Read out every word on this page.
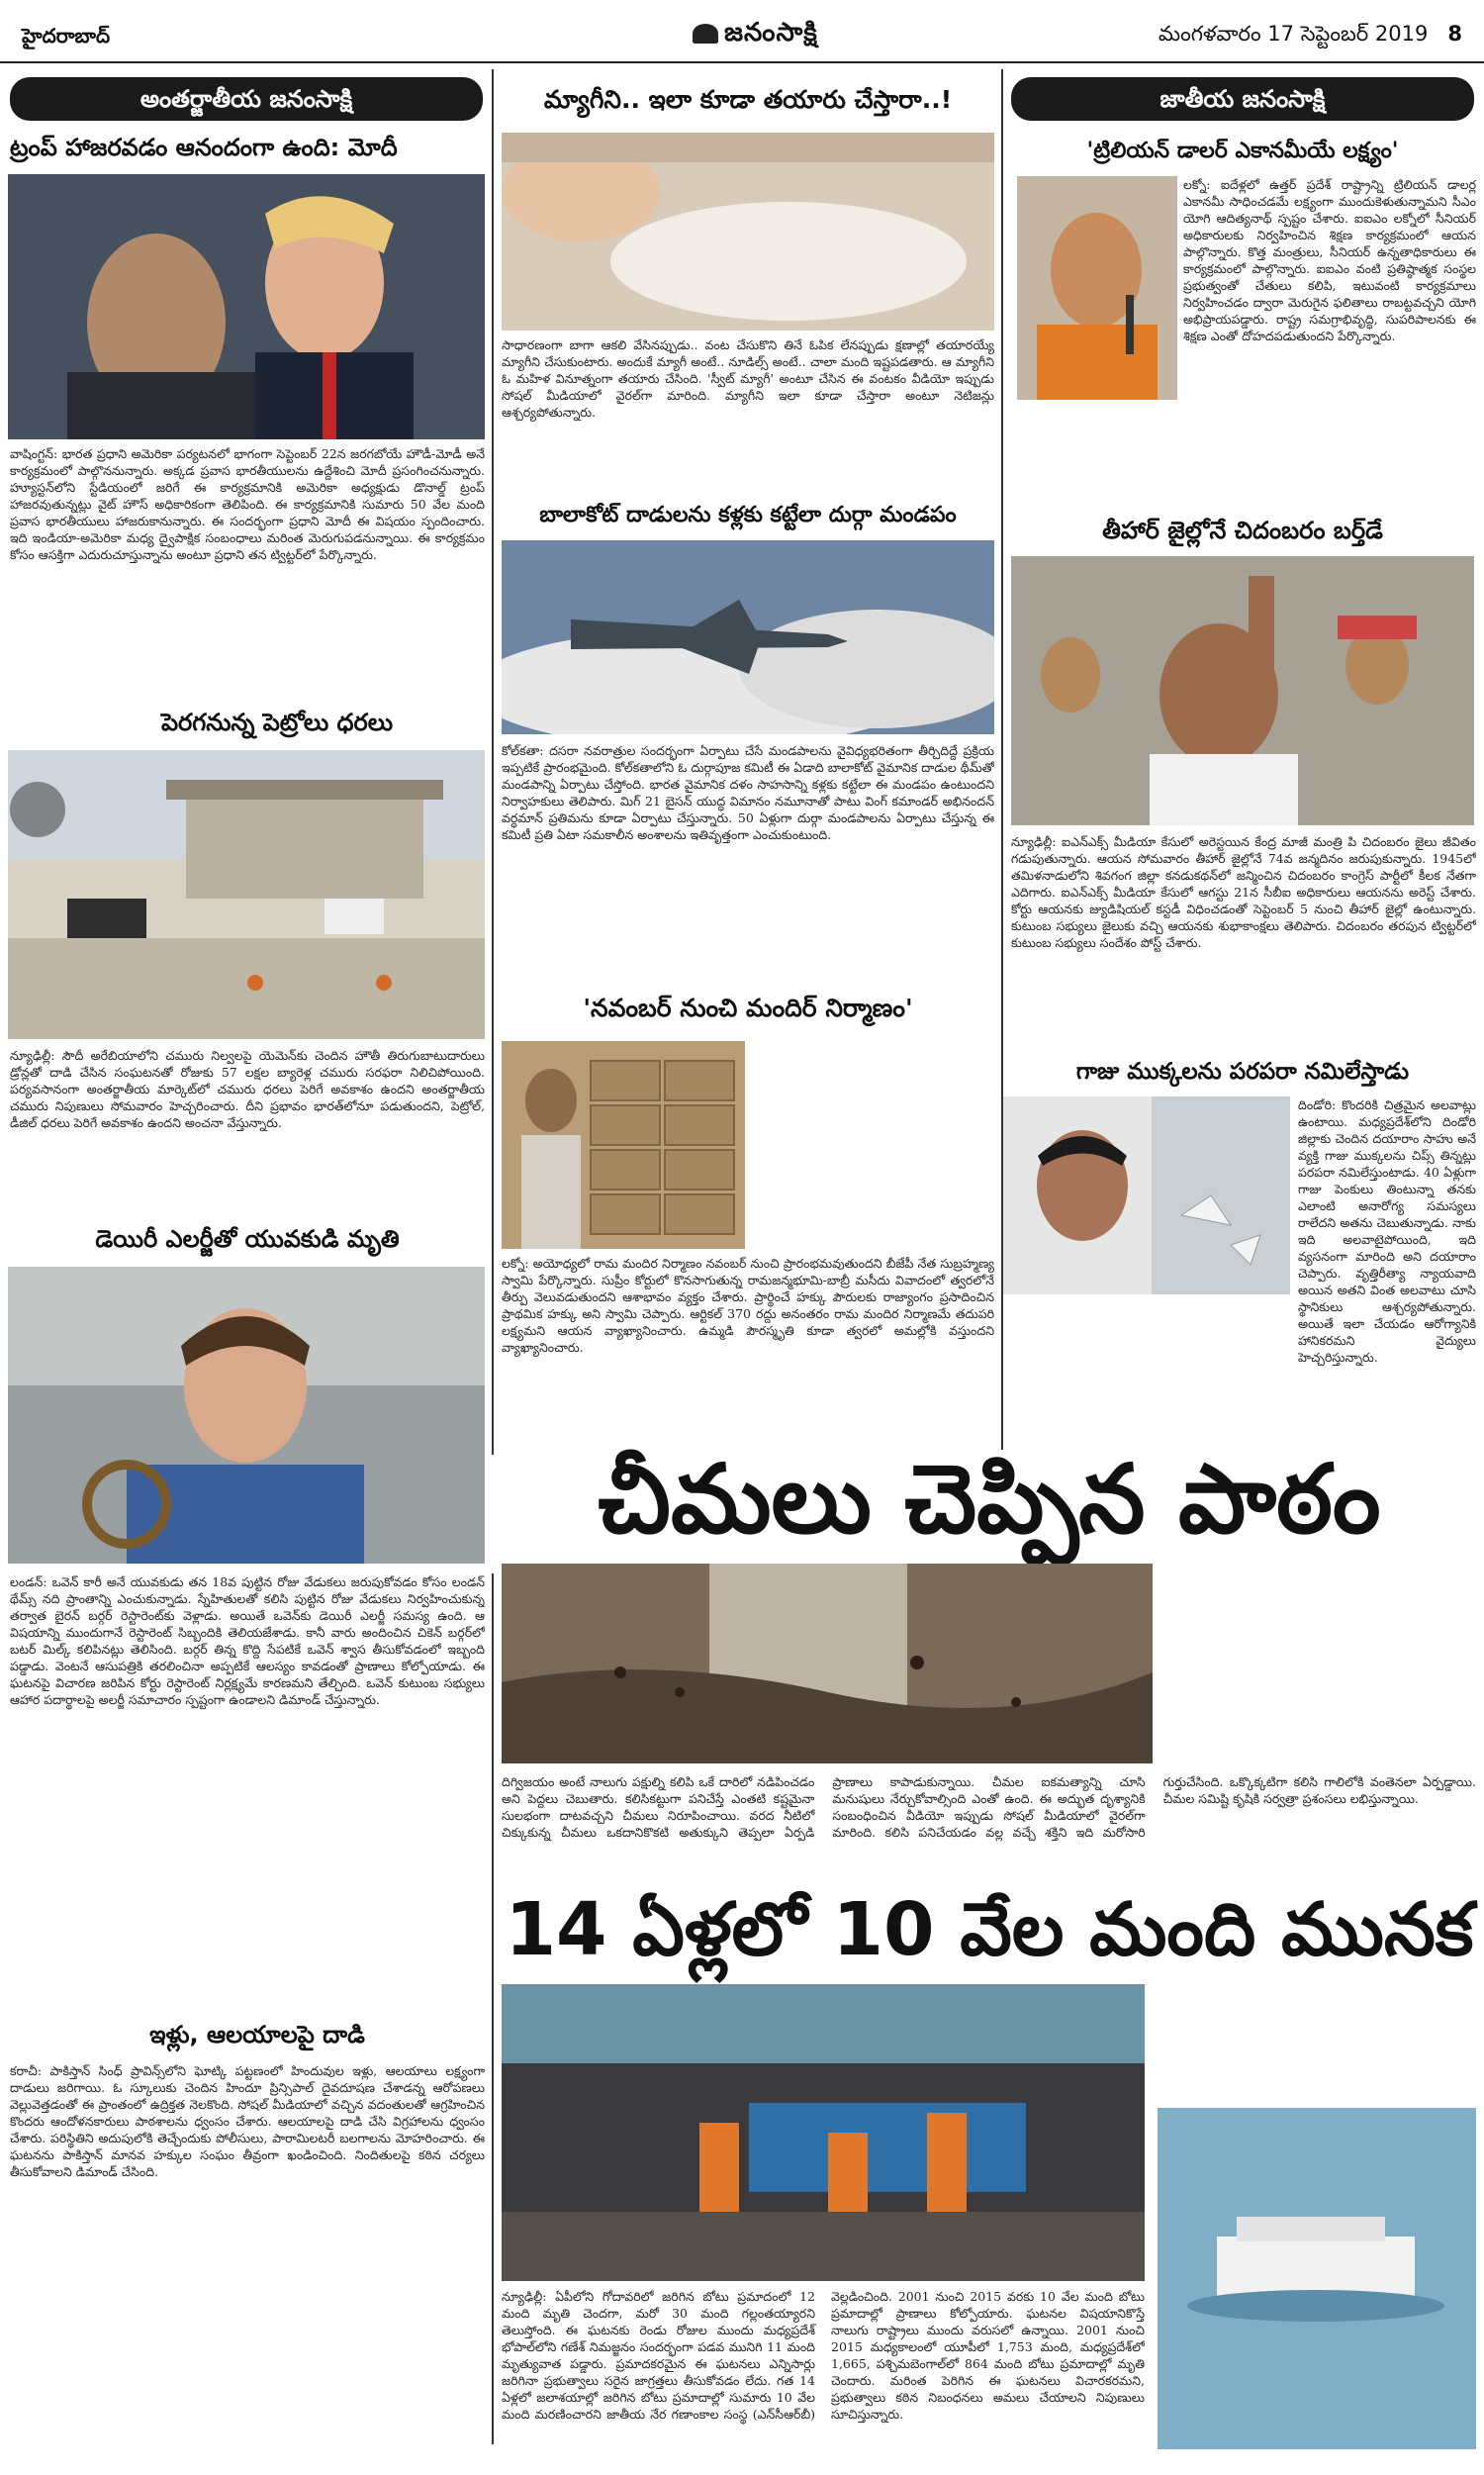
హైదరాబాద్	జనంసాక్షి	మంగళవారం 17 సెప్టెంబర్ 2019 8
అంతర్జాతీయ జనంసాక్షి
ట్రంప్ హాజరవడం ఆనందంగా ఉంది: మోదీ
వాషింగ్టన్: భారత ప్రధాని అమెరికా పర్యటనలో భాగంగా సెప్టెంబర్ 22న జరగబోయే హౌడీ-మోడీ అనే కార్యక్రమంలో పాల్గొననున్నారు. అక్కడ ప్రవాస భారతీయులను ఉద్దేశించి మోదీ ప్రసంగించనున్నారు. హ్యూస్టన్‌లోని స్టేడియంలో జరిగే ఈ కార్యక్రమానికి అమెరికా అధ్యక్షుడు డొనాల్డ్ ట్రంప్ హాజరవుతున్నట్లు వైట్ హౌస్ అధికారికంగా తెలిపింది. ఈ కార్యక్రమానికి సుమారు 50 వేల మంది ప్రవాస భారతీయులు హాజరుకానున్నారు. ఈ సందర్భంగా ప్రధాని మోదీ ఈ విషయం స్పందించారు. ఇది ఇండియా-అమెరికా మధ్య ద్వైపాక్షిక సంబంధాలు మరింత మెరుగుపడనున్నాయి. ఈ కార్యక్రమం కోసం ఆసక్తిగా ఎదురుచూస్తున్నాను అంటూ ప్రధాని తన ట్విట్టర్‌లో పేర్కొన్నారు.
పెరగనున్న పెట్రోలు ధరలు
న్యూఢిల్లీ: సౌదీ అరేబియాలోని చమురు నిల్వలపై యెమెన్‌కు చెందిన హౌతీ తిరుగుబాటుదారులు డ్రోన్లతో దాడి చేసిన సంఘటనతో రోజుకు 57 లక్షల బ్యారెళ్ల చమురు సరఫరా నిలిచిపోయింది. పర్యవసానంగా అంతర్జాతీయ మార్కెట్‌లో చమురు ధరలు పెరిగే అవకాశం ఉందని అంతర్జాతీయ చమురు నిపుణులు సోమవారం హెచ్చరించారు. దీని ప్రభావం భారత్‌లోనూ పడుతుందని, పెట్రోల్, డీజిల్ ధరలు పెరిగే అవకాశం ఉందని అంచనా వేస్తున్నారు.
డెయిరీ ఎలర్జీతో యువకుడి మృతి
లండన్: ఒవెన్ కారీ అనే యువకుడు తన 18వ పుట్టిన రోజు వేడుకలు జరుపుకోవడం కోసం లండన్ థేమ్స్ నది ప్రాంతాన్ని ఎంచుకున్నాడు. స్నేహితులతో కలిసి పుట్టిన రోజు వేడుకలు నిర్వహించుకున్న తర్వాత బైరన్ బర్గర్ రెస్టారెంట్‌కు వెళ్లాడు. అయితే ఒవెన్‌కు డెయిరీ ఎలర్జీ సమస్య ఉంది. ఆ విషయాన్ని ముందుగానే రెస్టారెంట్ సిబ్బందికి తెలియజేశాడు. కానీ వారు అందించిన చికెన్ బర్గర్‌లో బటర్ మిల్క్ కలిపినట్లు తెలిసింది. బర్గర్ తిన్న కొద్ది సేపటికే ఒవెన్ శ్వాస తీసుకోవడంలో ఇబ్బంది పడ్డాడు. వెంటనే ఆసుపత్రికి తరలించినా అప్పటికే ఆలస్యం కావడంతో ప్రాణాలు కోల్పోయాడు. ఈ ఘటనపై విచారణ జరిపిన కోర్టు రెస్టారెంట్ నిర్లక్ష్యమే కారణమని తేల్చింది. ఒవెన్ కుటుంబ సభ్యులు ఆహార పదార్థాలపై అలర్జీ సమాచారం స్పష్టంగా ఉండాలని డిమాండ్ చేస్తున్నారు.
ఇళ్లు, ఆలయాలపై దాడి
కరాచీ: పాకిస్తాన్ సింధ్ ప్రావిన్స్‌లోని ఘోట్కి పట్టణంలో హిందువుల ఇళ్లు, ఆలయాలు లక్ష్యంగా దాడులు జరిగాయి. ఓ స్కూలుకు చెందిన హిందూ ప్రిన్సిపాల్ దైవదూషణ చేశాడన్న ఆరోపణలు వెల్లువెత్తడంతో ఈ ప్రాంతంలో ఉద్రిక్తత నెలకొంది. సోషల్ మీడియాలో వచ్చిన వదంతులతో ఆగ్రహించిన కొందరు ఆందోళనకారులు పాఠశాలను ధ్వంసం చేశారు. ఆలయాలపై దాడి చేసి విగ్రహాలను ధ్వంసం చేశారు. పరిస్థితిని అదుపులోకి తెచ్చేందుకు పోలీసులు, పారామిలటరీ బలగాలను మోహరించారు. ఈ ఘటనను పాకిస్తాన్ మానవ హక్కుల సంఘం తీవ్రంగా ఖండించింది. నిందితులపై కఠిన చర్యలు తీసుకోవాలని డిమాండ్ చేసింది.
మ్యాగీని.. ఇలా కూడా తయారు చేస్తారా..!
సాధారణంగా బాగా ఆకలి వేసినప్పుడు.. వంట చేసుకొని తినే ఓపిక లేనప్పుడు క్షణాల్లో తయారయ్యే మ్యాగీని చేసుకుంటారు. అందుకే మ్యాగీ అంటే.. నూడిల్స్ అంటే.. చాలా మంది ఇష్టపడతారు. ఆ మ్యాగీని ఓ మహిళ వినూత్నంగా తయారు చేసింది. 'స్వీట్ మ్యాగీ' అంటూ చేసిన ఈ వంటకం వీడియో ఇప్పుడు సోషల్ మీడియాలో వైరల్‌గా మారింది. మ్యాగీని ఇలా కూడా చేస్తారా అంటూ నెటిజన్లు ఆశ్చర్యపోతున్నారు.
బాలాకోట్ దాడులను కళ్లకు కట్టేలా దుర్గా మండపం
కోల్‌కతా: దసరా నవరాత్రుల సందర్భంగా ఏర్పాటు చేసే మండపాలను వైవిధ్యభరితంగా తీర్చిదిద్దే ప్రక్రియ ఇప్పటికే ప్రారంభమైంది. కోల్‌కతాలోని ఓ దుర్గాపూజ కమిటీ ఈ ఏడాది బాలాకోట్ వైమానిక దాడుల థీమ్‌తో మండపాన్ని ఏర్పాటు చేస్తోంది. భారత వైమానిక దళం సాహసాన్ని కళ్లకు కట్టేలా ఈ మండపం ఉంటుందని నిర్వాహకులు తెలిపారు. మిగ్ 21 బైసన్ యుద్ధ విమానం నమూనాతో పాటు వింగ్ కమాండర్ అభినందన్ వర్ధమాన్ ప్రతిమను కూడా ఏర్పాటు చేస్తున్నారు. 50 ఏళ్లుగా దుర్గా మండపాలను ఏర్పాటు చేస్తున్న ఈ కమిటీ ప్రతి ఏటా సమకాలీన అంశాలను ఇతివృత్తంగా ఎంచుకుంటుంది.
'నవంబర్ నుంచి మందిర్ నిర్మాణం'
లక్నో: అయోధ్యలో రామ మందిర నిర్మాణం నవంబర్ నుంచి ప్రారంభమవుతుందని బీజేపీ నేత సుబ్రహ్మణ్య స్వామి పేర్కొన్నారు. సుప్రీం కోర్టులో కొనసాగుతున్న రామజన్మభూమి-బాబ్రీ మసీదు వివాదంలో త్వరలోనే తీర్పు వెలువడుతుందని ఆశాభావం వ్యక్తం చేశారు. ప్రార్థించే హక్కు పౌరులకు రాజ్యాంగం ప్రసాదించిన ప్రాథమిక హక్కు అని స్వామి చెప్పారు. ఆర్టికల్ 370 రద్దు అనంతరం రామ మందిర నిర్మాణమే తదుపరి లక్ష్యమని ఆయన వ్యాఖ్యానించారు. ఉమ్మడి పౌరస్మృతి కూడా త్వరలో అమల్లోకి వస్తుందని వ్యాఖ్యానించారు.
చీమలు చెప్పిన పాఠం
దిగ్విజయం అంటే నాలుగు పక్షుల్ని కలిపి ఒకే దారిలో నడిపించడం అని పెద్దలు చెబుతారు. కలిసికట్టుగా పనిచేస్తే ఎంతటి కష్టమైనా సులభంగా దాటవచ్చని చీమలు నిరూపించాయి. వరద నీటిలో చిక్కుకున్న చీమలు ఒకదానికొకటి అతుక్కుని తెప్పలా ఏర్పడి ప్రాణాలు కాపాడుకున్నాయి. చీమల ఐకమత్యాన్ని చూసి మనుషులు నేర్చుకోవాల్సింది ఎంతో ఉంది. ఈ అద్భుత దృశ్యానికి సంబంధించిన వీడియో ఇప్పుడు సోషల్ మీడియాలో వైరల్‌గా మారింది. కలిసి పనిచేయడం వల్ల వచ్చే శక్తిని ఇది మరోసారి గుర్తుచేసింది. ఒక్కొక్కటిగా కలిసి గాలిలోకి వంతెనలా ఏర్పడ్డాయి. చీమల సమిష్టి కృషికి సర్వత్రా ప్రశంసలు లభిస్తున్నాయి.
14 ఏళ్లలో 10 వేల మంది మునక
న్యూఢిల్లీ: ఏపీలోని గోదావరిలో జరిగిన బోటు ప్రమాదంలో 12 మంది మృతి చెందగా, మరో 30 మంది గల్లంతయ్యారని తెలుస్తోంది. ఈ ఘటనకు రెండు రోజుల ముందు మధ్యప్రదేశ్ భోపాల్‌లోని గణేశ్ నిమజ్జనం సందర్భంగా పడవ మునిగి 11 మంది మృత్యువాత పడ్డారు. ప్రమాదకరమైన ఈ ఘటనలు ఎన్నిసార్లు జరిగినా ప్రభుత్వాలు సరైన జాగ్రత్తలు తీసుకోవడం లేదు. గత 14 ఏళ్లలో జలాశయాల్లో జరిగిన బోటు ప్రమాదాల్లో సుమారు 10 వేల మంది మరణించారని జాతీయ నేర గణాంకాల సంస్థ (ఎన్‌సీఆర్‌బీ) వెల్లడించింది. 2001 నుంచి 2015 వరకు 10 వేల మంది బోటు ప్రమాదాల్లో ప్రాణాలు కోల్పోయారు. ఘటనల విషయానికొస్తే నాలుగు రాష్ట్రాలు ముందు వరుసలో ఉన్నాయి. 2001 నుంచి 2015 మధ్యకాలంలో యూపీలో 1,753 మంది, మధ్యప్రదేశ్‌లో 1,665, పశ్చిమబెంగాల్‌లో 864 మంది బోటు ప్రమాదాల్లో మృతి చెందారు. మరింత పెరిగిన ఈ ఘటనలు విచారకరమని, ప్రభుత్వాలు కఠిన నిబంధనలు అమలు చేయాలని నిపుణులు సూచిస్తున్నారు.
జాతీయ జనంసాక్షి
'ట్రిలియన్ డాలర్ ఎకానమీయే లక్ష్యం'
లక్నో: ఐదేళ్లలో ఉత్తర్ ప్రదేశ్ రాష్ట్రాన్ని ట్రిలియన్ డాలర్ల ఎకానమీ సాధించడమే లక్ష్యంగా ముందుకెళుతున్నామని సీఎం యోగి ఆదిత్యనాథ్ స్పష్టం చేశారు. ఐఐఎం లక్నోలో సీనియర్ అధికారులకు నిర్వహించిన శిక్షణ కార్యక్రమంలో ఆయన పాల్గొన్నారు. కొత్త మంత్రులు, సీనియర్ ఉన్నతాధికారులు ఈ కార్యక్రమంలో పాల్గొన్నారు. ఐఐఎం వంటి ప్రతిష్ఠాత్మక సంస్థల ప్రభుత్వంతో చేతులు కలిపి, ఇటువంటి కార్యక్రమాలు నిర్వహించడం ద్వారా మెరుగైన ఫలితాలు రాబట్టవచ్చని యోగి అభిప్రాయపడ్డారు. రాష్ట్ర సమగ్రాభివృద్ధి, సుపరిపాలనకు ఈ శిక్షణ ఎంతో దోహదపడుతుందని పేర్కొన్నారు.
తీహార్ జైల్లోనే చిదంబరం బర్త్‌డే
న్యూఢిల్లీ: ఐఎన్ఎక్స్ మీడియా కేసులో అరెస్టయిన కేంద్ర మాజీ మంత్రి పి చిదంబరం జైలు జీవితం గడుపుతున్నారు. ఆయన సోమవారం తీహార్ జైల్లోనే 74వ జన్మదినం జరుపుకున్నారు. 1945లో తమిళనాడులోని శివగంగ జిల్లా కనడుకథన్‌లో జన్మించిన చిదంబరం కాంగ్రెస్ పార్టీలో కీలక నేతగా ఎదిగారు. ఐఎన్ఎక్స్ మీడియా కేసులో ఆగస్టు 21న సీబీఐ అధికారులు ఆయనను అరెస్ట్ చేశారు. కోర్టు ఆయనకు జ్యుడిషియల్ కస్టడీ విధించడంతో సెప్టెంబర్ 5 నుంచి తీహార్ జైల్లో ఉంటున్నారు. కుటుంబ సభ్యులు జైలుకు వచ్చి ఆయనకు శుభాకాంక్షలు తెలిపారు. చిదంబరం తరపున ట్విట్టర్‌లో కుటుంబ సభ్యులు సందేశం పోస్ట్ చేశారు.
గాజు ముక్కలను పరపరా నమిలేస్తాడు
దిండోరి: కొందరికి చిత్రమైన అలవాట్లు ఉంటాయి. మధ్యప్రదేశ్‌లోని దిండోరి జిల్లాకు చెందిన దయారాం సాహు అనే వ్యక్తి గాజు ముక్కలను చిప్స్ తిన్నట్లు పరపరా నమిలేస్తుంటాడు. 40 ఏళ్లుగా గాజు పెంకులు తింటున్నా తనకు ఎలాంటి అనారోగ్య సమస్యలు రాలేదని అతను చెబుతున్నాడు. నాకు ఇది అలవాటైపోయింది, ఇది వ్యసనంగా మారింది అని దయారాం చెప్పారు. వృత్తిరీత్యా న్యాయవాది అయిన అతని వింత అలవాటు చూసి స్థానికులు ఆశ్చర్యపోతున్నారు. అయితే ఇలా చేయడం ఆరోగ్యానికి హానికరమని వైద్యులు హెచ్చరిస్తున్నారు.
